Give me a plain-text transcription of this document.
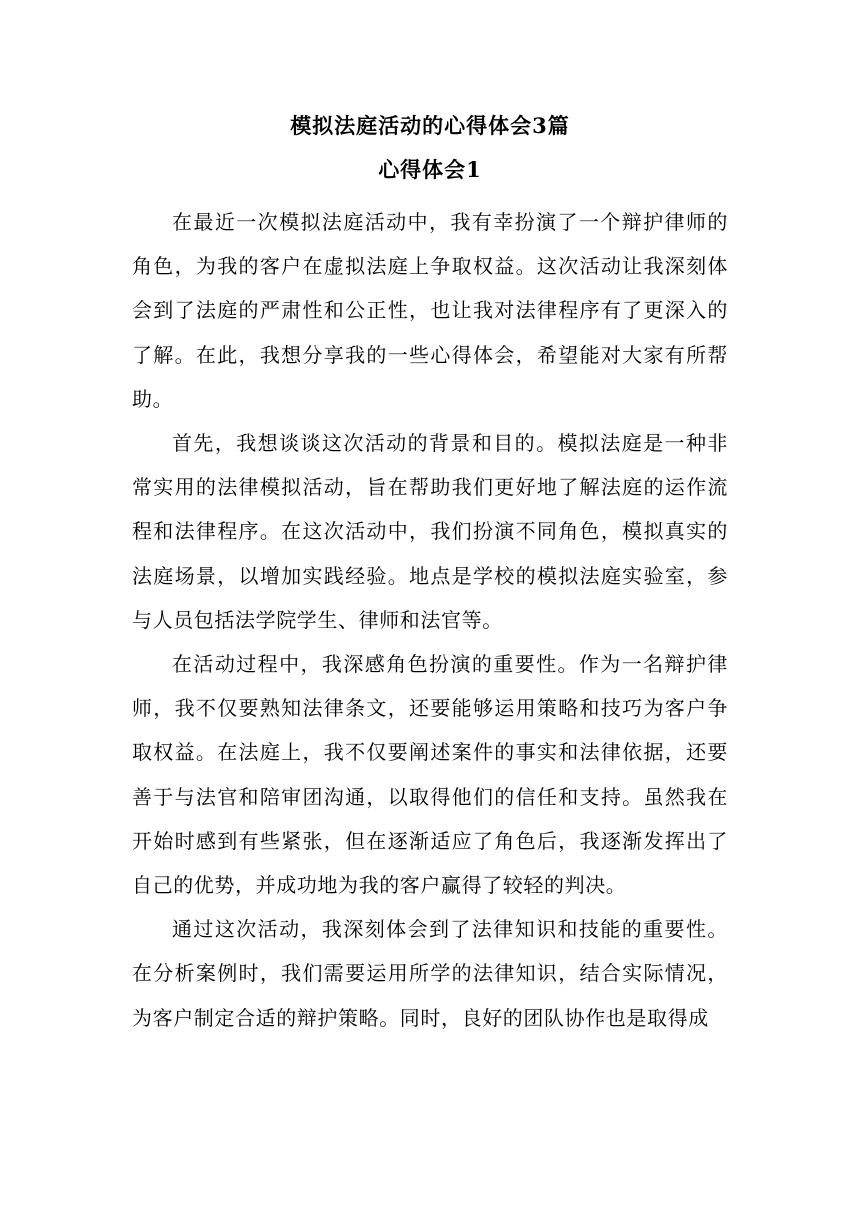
模拟法庭活动的心得体会3篇
心得体会1

在最近一次模拟法庭活动中，我有幸扮演了一个辩护律师的角色，为我的客户在虚拟法庭上争取权益。这次活动让我深刻体会到了法庭的严肃性和公正性，也让我对法律程序有了更深入的了解。在此，我想分享我的一些心得体会，希望能对大家有所帮助。

首先，我想谈谈这次活动的背景和目的。模拟法庭是一种非常实用的法律模拟活动，旨在帮助我们更好地了解法庭的运作流程和法律程序。在这次活动中，我们扮演不同角色，模拟真实的法庭场景，以增加实践经验。地点是学校的模拟法庭实验室，参与人员包括法学院学生、律师和法官等。

在活动过程中，我深感角色扮演的重要性。作为一名辩护律师，我不仅要熟知法律条文，还要能够运用策略和技巧为客户争取权益。在法庭上，我不仅要阐述案件的事实和法律依据，还要善于与法官和陪审团沟通，以取得他们的信任和支持。虽然我在开始时感到有些紧张，但在逐渐适应了角色后，我逐渐发挥出了自己的优势，并成功地为我的客户赢得了较轻的判决。

通过这次活动，我深刻体会到了法律知识和技能的重要性。在分析案例时，我们需要运用所学的法律知识，结合实际情况，为客户制定合适的辩护策略。同时，良好的团队协作也是取得成
